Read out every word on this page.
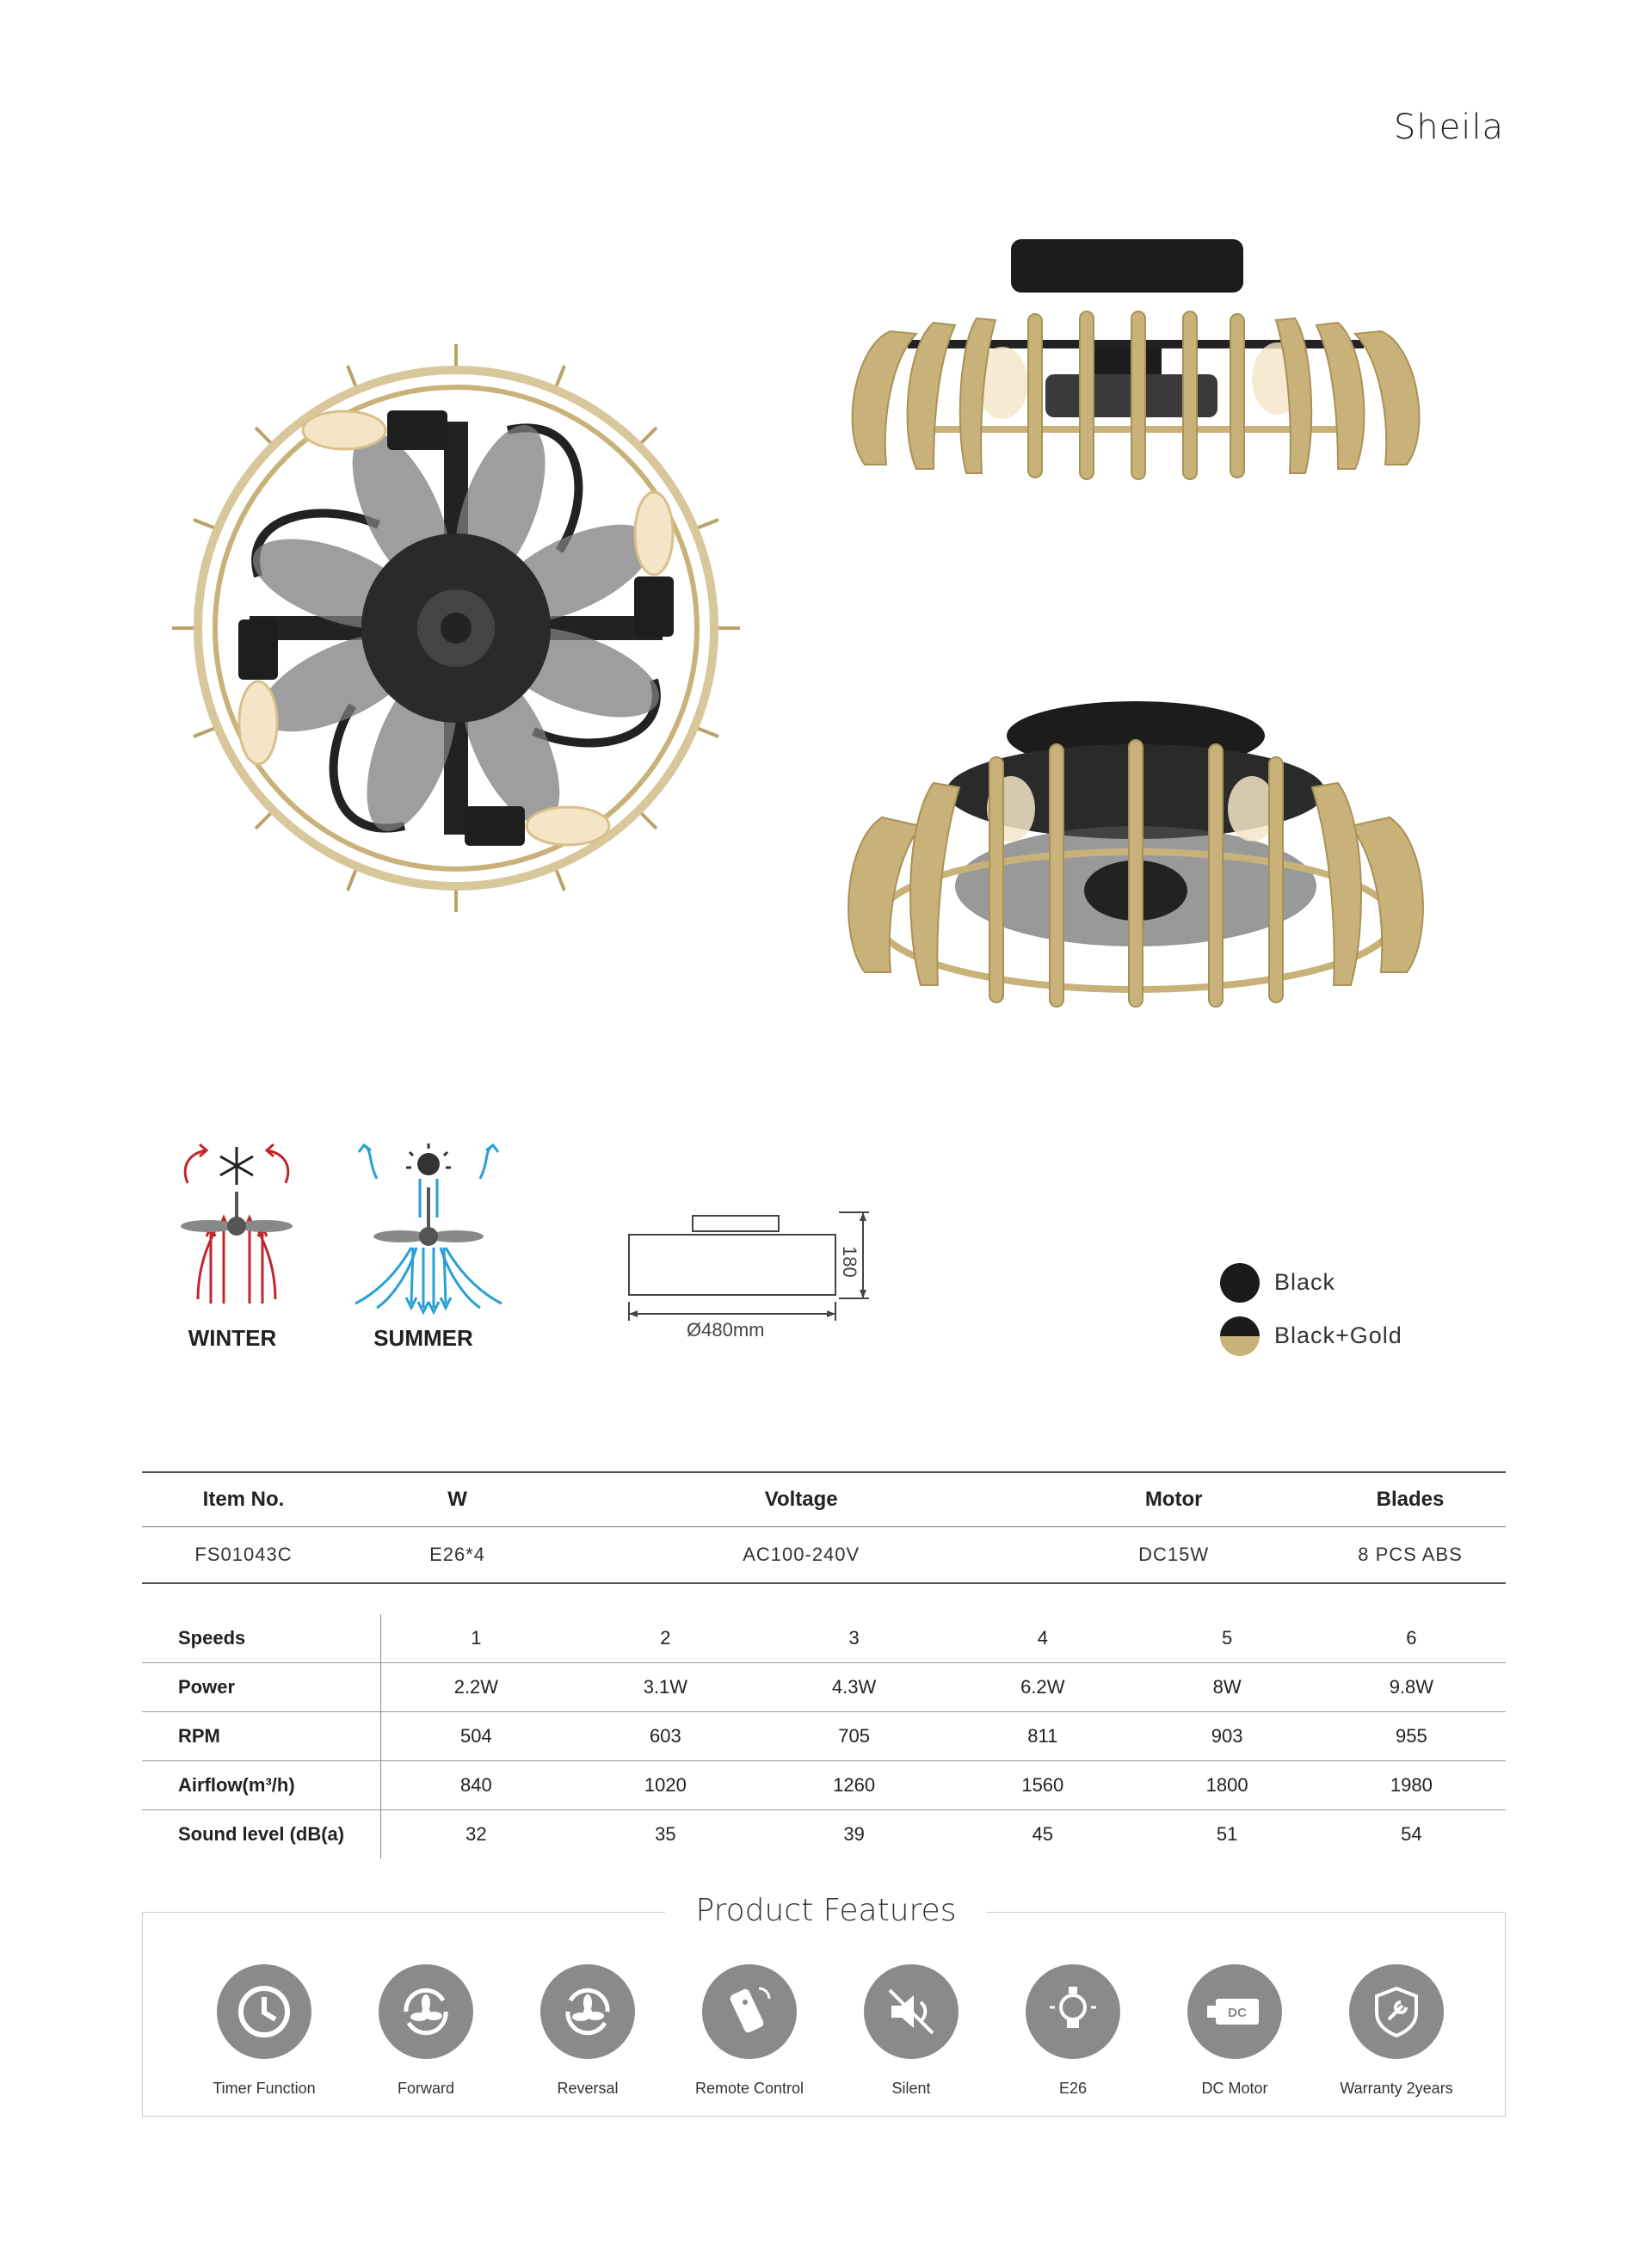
Sheila
WINTER	SUMMER	Ø480mm
180
Black
Black+Gold
Item No.	W	Voltage	Motor	Blades
FS01043C	E26*4	AC100-240V	DC15W	8 PCS ABS
Speeds	1	2	3	4	5	6
Power	2.2W	3.1W	4.3W	6.2W	8W	9.8W
RPM	504	603	705	811	903	955
Airflow(m³/h)	840	1020	1260	1560	1800	1980
Sound level (dB(a)	32	35	39	45	51	54
Product Features
Timer Function	Forward	Reversal	Remote Control	Silent	E26
DC
DC Motor	Warranty 2years
